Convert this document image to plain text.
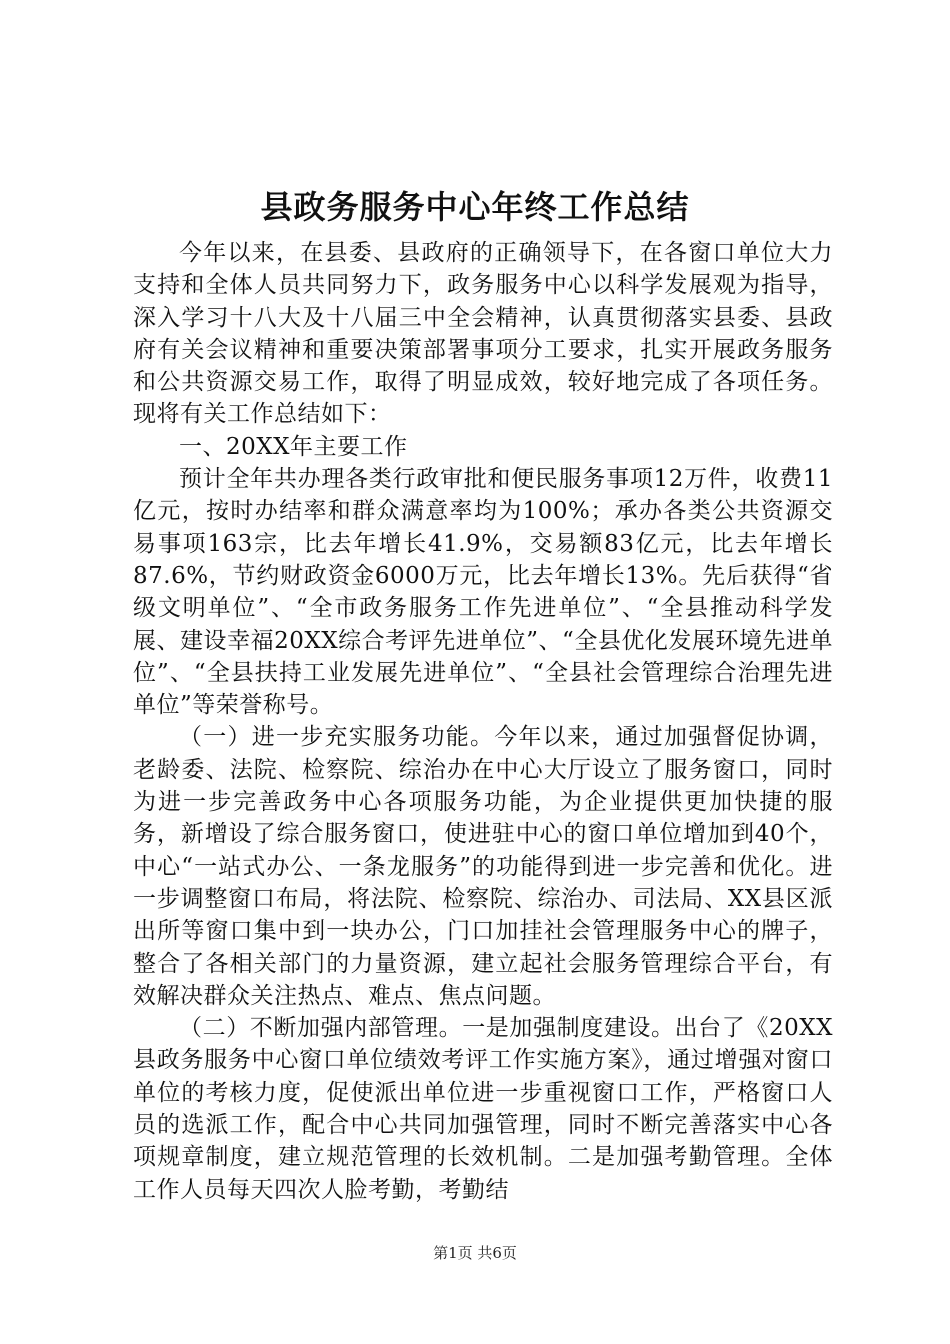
县政务服务中心年终工作总结

今年以来，在县委、县政府的正确领导下，在各窗口单位大力支持和全体人员共同努力下，政务服务中心以科学发展观为指导，深入学习十八大及十八届三中全会精神，认真贯彻落实县委、县政府有关会议精神和重要决策部署事项分工要求，扎实开展政务服务和公共资源交易工作，取得了明显成效，较好地完成了各项任务。现将有关工作总结如下：

一、20XX年主要工作

预计全年共办理各类行政审批和便民服务事项12万件，收费11亿元，按时办结率和群众满意率均为100%；承办各类公共资源交易事项163宗，比去年增长41.9%，交易额83亿元，比去年增长87.6%，节约财政资金6000万元，比去年增长13%。先后获得“省级文明单位”、“全市政务服务工作先进单位”、“全县推动科学发展、建设幸福20XX综合考评先进单位”、“全县优化发展环境先进单位”、“全县扶持工业发展先进单位”、“全县社会管理综合治理先进单位”等荣誉称号。

（一）进一步充实服务功能。今年以来，通过加强督促协调，老龄委、法院、检察院、综治办在中心大厅设立了服务窗口，同时为进一步完善政务中心各项服务功能，为企业提供更加快捷的服务，新增设了综合服务窗口，使进驻中心的窗口单位增加到40个，中心“一站式办公、一条龙服务”的功能得到进一步完善和优化。进一步调整窗口布局，将法院、检察院、综治办、司法局、XX县区派出所等窗口集中到一块办公，门口加挂社会管理服务中心的牌子，整合了各相关部门的力量资源，建立起社会服务管理综合平台，有效解决群众关注热点、难点、焦点问题。

（二）不断加强内部管理。一是加强制度建设。出台了《20XX县政务服务中心窗口单位绩效考评工作实施方案》，通过增强对窗口单位的考核力度，促使派出单位进一步重视窗口工作，严格窗口人员的选派工作，配合中心共同加强管理，同时不断完善落实中心各项规章制度，建立规范管理的长效机制。二是加强考勤管理。全体工作人员每天四次人脸考勤，考勤结

第1页 共6页
